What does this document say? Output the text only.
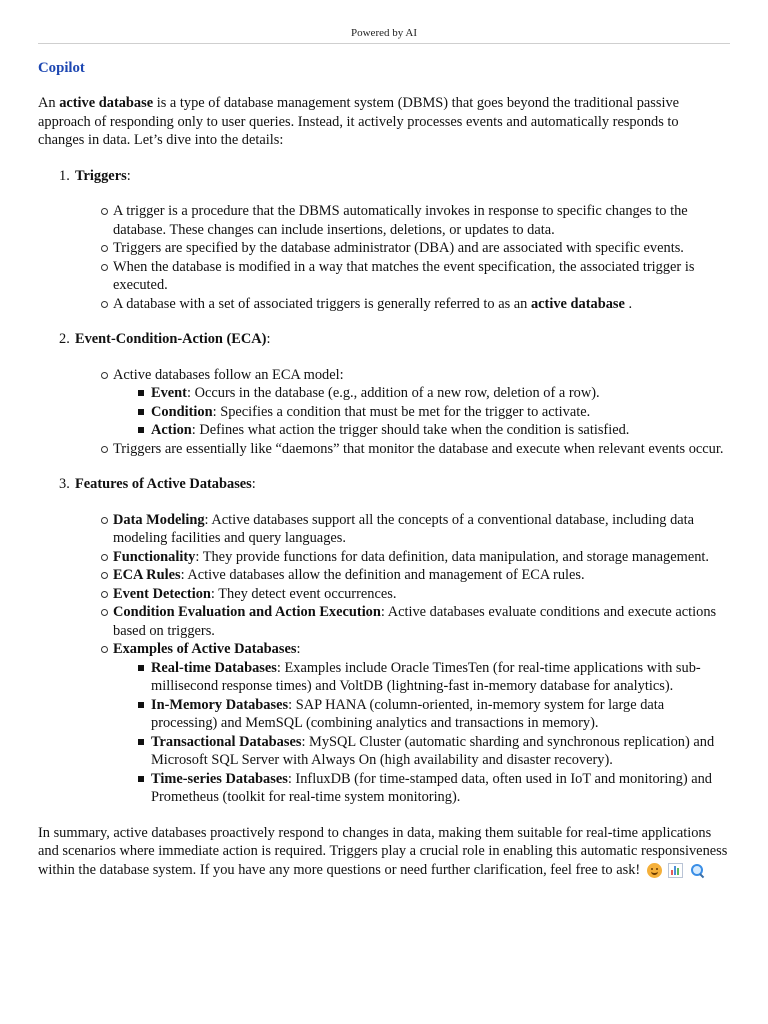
Powered by AI
Copilot

An active database is a type of database management system (DBMS) that goes beyond the traditional passive approach of responding only to user queries. Instead, it actively processes events and automatically responds to changes in data. Let’s dive into the details:

1. Triggers:
A trigger is a procedure that the DBMS automatically invokes in response to specific changes to the database. These changes can include insertions, deletions, or updates to data.
Triggers are specified by the database administrator (DBA) and are associated with specific events.
When the database is modified in a way that matches the event specification, the associated trigger is executed.
A database with a set of associated triggers is generally referred to as an active database .
2. Event-Condition-Action (ECA):
Active databases follow an ECA model:
Event: Occurs in the database (e.g., addition of a new row, deletion of a row).
Condition: Specifies a condition that must be met for the trigger to activate.
Action: Defines what action the trigger should take when the condition is satisfied.
Triggers are essentially like “daemons” that monitor the database and execute when relevant events occur.
3. Features of Active Databases:
Data Modeling: Active databases support all the concepts of a conventional database, including data modeling facilities and query languages.
Functionality: They provide functions for data definition, data manipulation, and storage management.
ECA Rules: Active databases allow the definition and management of ECA rules.
Event Detection: They detect event occurrences.
Condition Evaluation and Action Execution: Active databases evaluate conditions and execute actions based on triggers.
Examples of Active Databases:
Real-time Databases: Examples include Oracle TimesTen (for real-time applications with sub-millisecond response times) and VoltDB (lightning-fast in-memory database for analytics).
In-Memory Databases: SAP HANA (column-oriented, in-memory system for large data processing) and MemSQL (combining analytics and transactions in memory).
Transactional Databases: MySQL Cluster (automatic sharding and synchronous replication) and Microsoft SQL Server with Always On (high availability and disaster recovery).
Time-series Databases: InfluxDB (for time-stamped data, often used in IoT and monitoring) and Prometheus (toolkit for real-time system monitoring).

In summary, active databases proactively respond to changes in data, making them suitable for real-time applications and scenarios where immediate action is required. Triggers play a crucial role in enabling this automatic responsiveness within the database system. If you have any more questions or need further clarification, feel free to ask!
